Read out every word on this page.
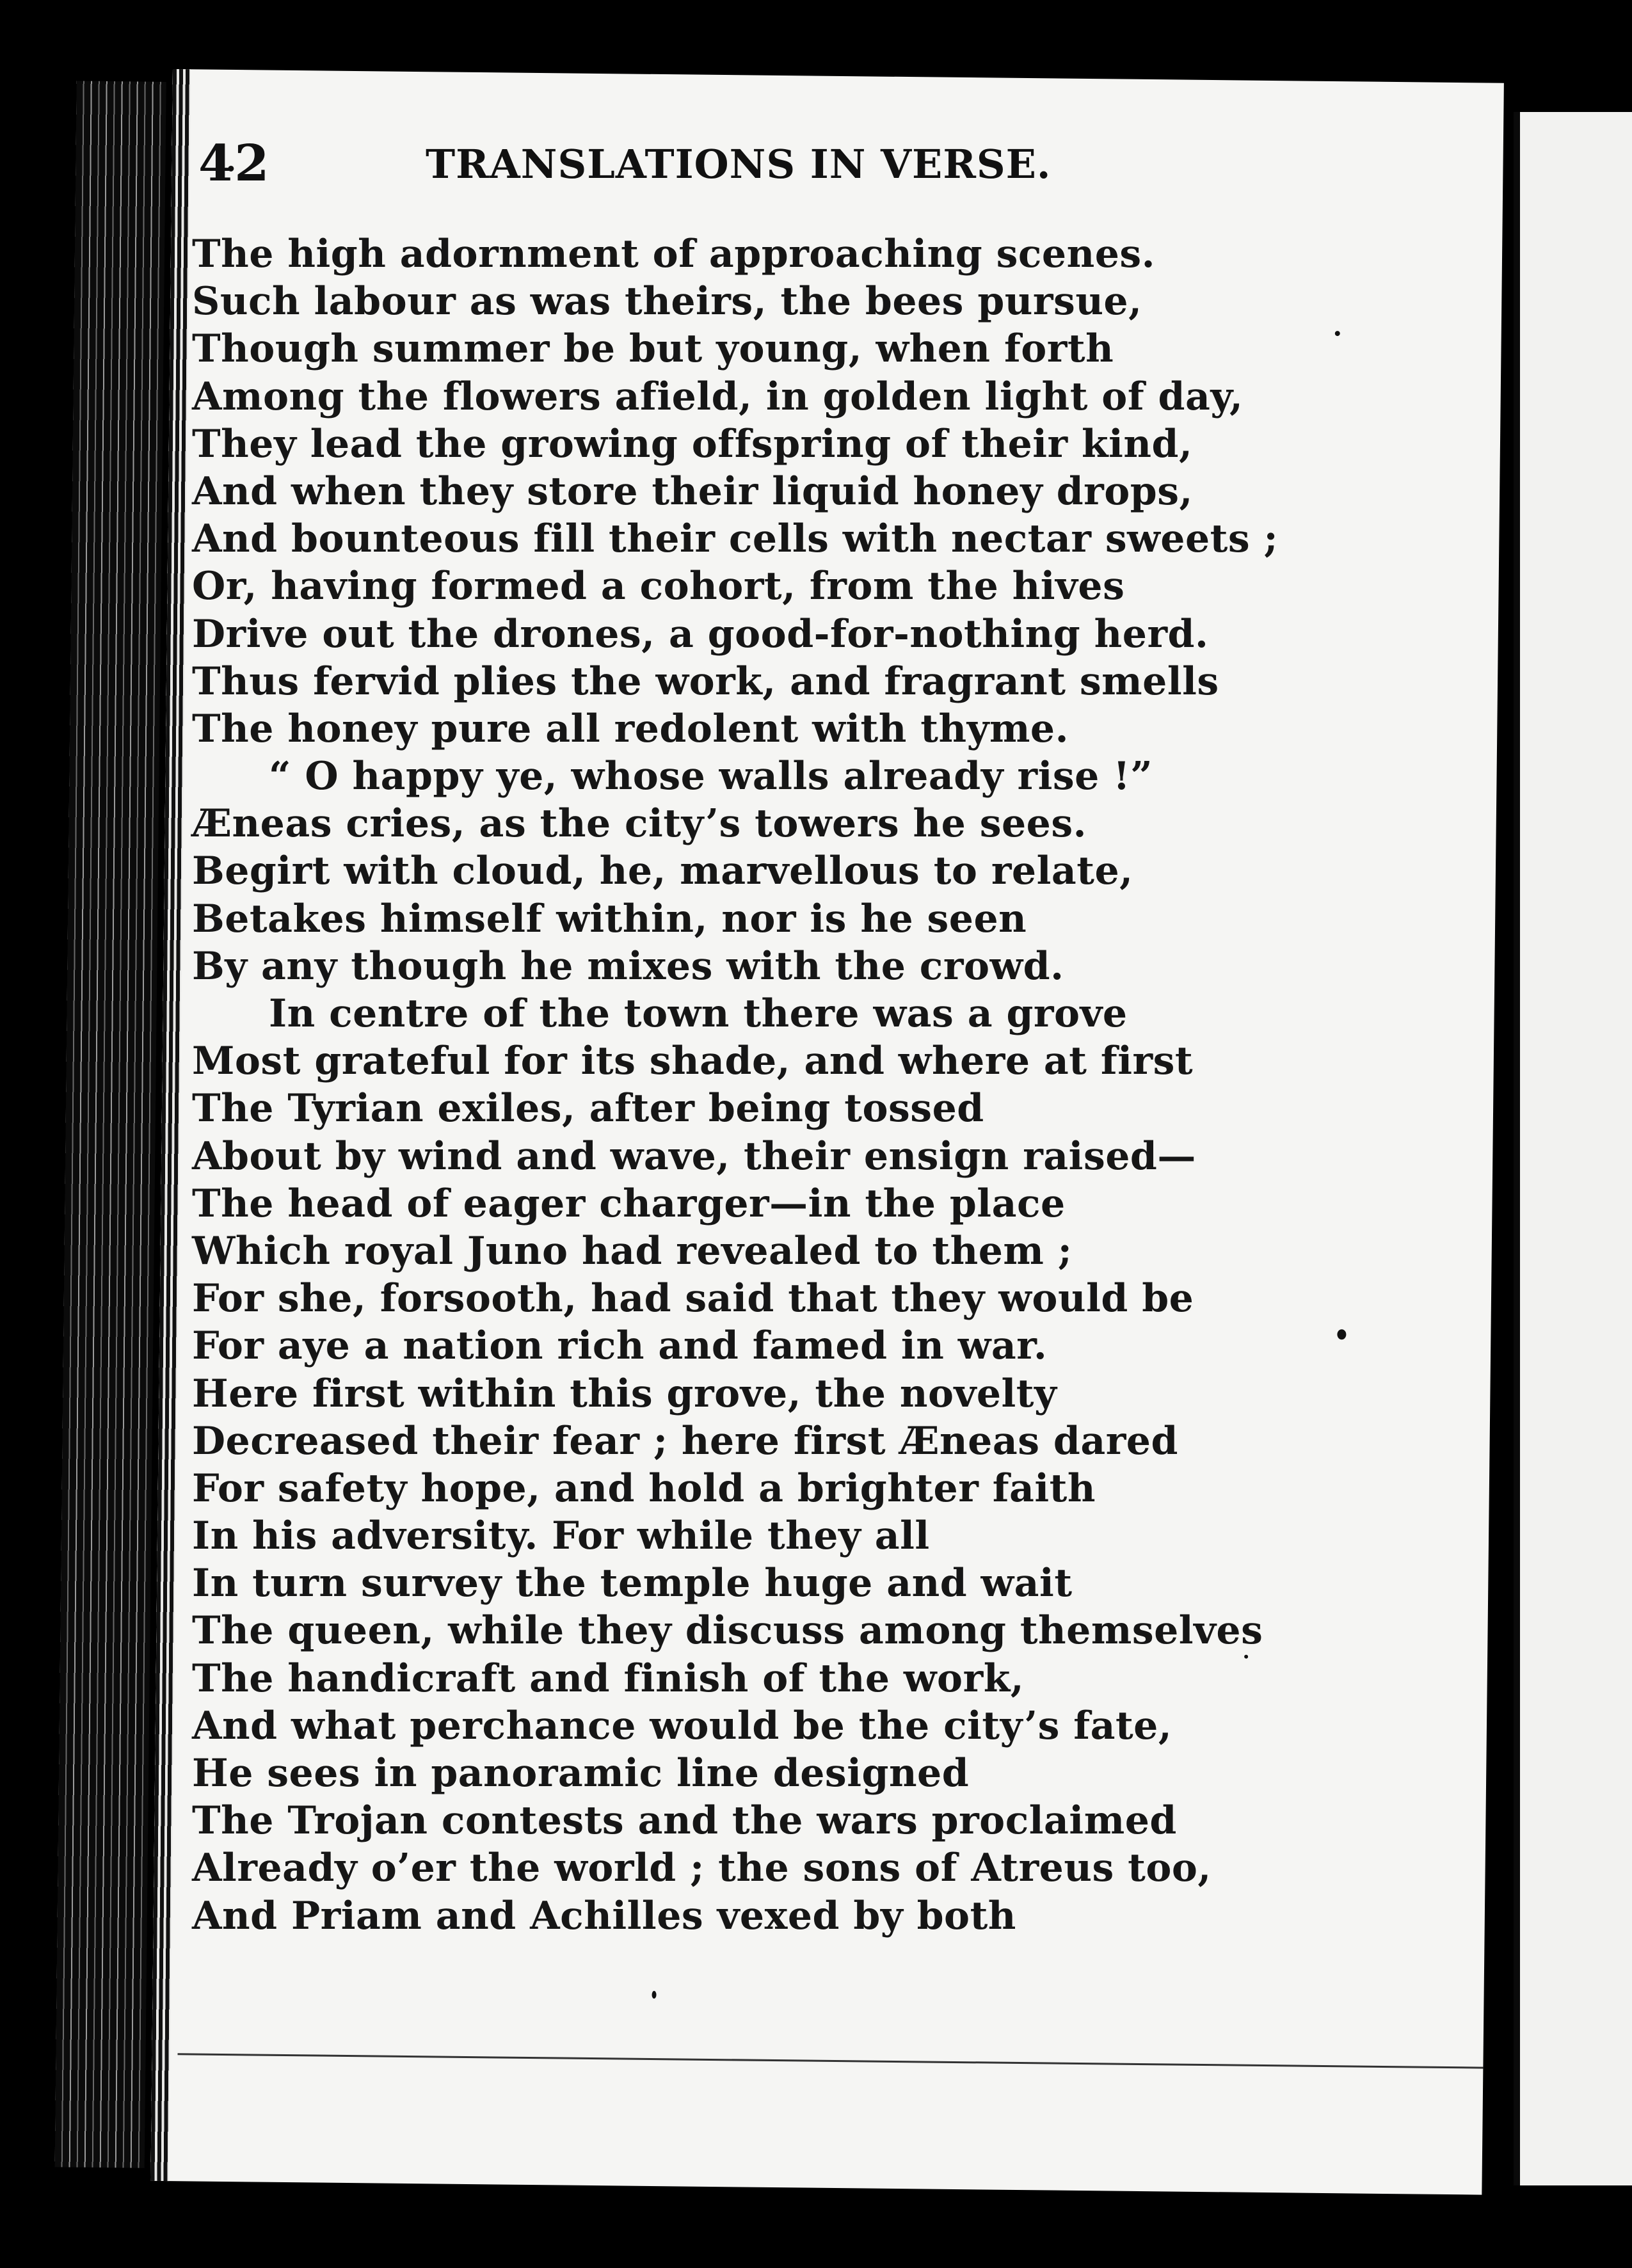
42	TRANSLATIONS IN VERSE.
The high adornment of approaching scenes.
Such labour as was theirs, the bees pursue,
Though summer be but young, when forth
Among the flowers afield, in golden light of day,
They lead the growing offspring of their kind,
And when they store their liquid honey drops,
And bounteous fill their cells with nectar sweets ;
Or, having formed a cohort, from the hives
Drive out the drones, a good-for-nothing herd.
Thus fervid plies the work, and fragrant smells
The honey pure all redolent with thyme.
“ O happy ye, whose walls already rise !”
Æneas cries, as the city’s towers he sees.
Begirt with cloud, he, marvellous to relate,
Betakes himself within, nor is he seen
By any though he mixes with the crowd.
In centre of the town there was a grove
Most grateful for its shade, and where at first
The Tyrian exiles, after being tossed
About by wind and wave, their ensign raised—
The head of eager charger—in the place
Which royal Juno had revealed to them ;
For she, forsooth, had said that they would be
For aye a nation rich and famed in war.
Here first within this grove, the novelty
Decreased their fear ; here first Æneas dared
For safety hope, and hold a brighter faith
In his adversity. For while they all
In turn survey the temple huge and wait
The queen, while they discuss among themselves
The handicraft and finish of the work,
And what perchance would be the city’s fate,
He sees in panoramic line designed
The Trojan contests and the wars proclaimed
Already o’er the world ; the sons of Atreus too,
And Priam and Achilles vexed by both
